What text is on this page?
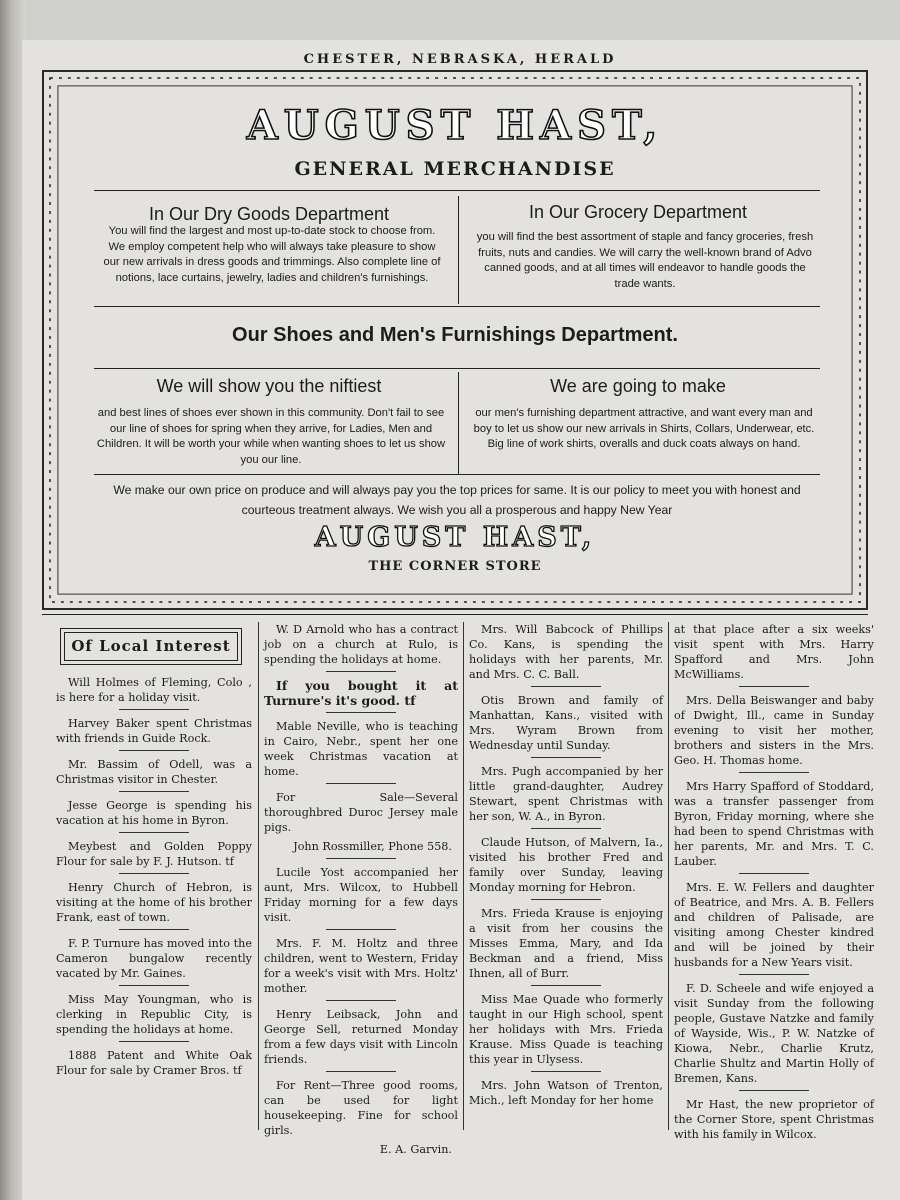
CHESTER, NEBRASKA, HERALD
AUGUST HAST,
GENERAL MERCHANDISE
In Our Dry Goods Department
You will find the largest and most up-to-date stock to choose from. We employ competent help who will always take pleasure to show our new arrivals in dress goods and trimmings. Also complete line of notions, lace curtains, jewelry, ladies and children's furnishings.
In Our Grocery Department
you will find the best assortment of staple and fancy groceries, fresh fruits, nuts and candies. We will carry the well-known brand of Advo canned goods, and at all times will endeavor to handle goods the trade wants.
Our Shoes and Men's Furnishings Department.
We will show you the niftiest
and best lines of shoes ever shown in this community. Don't fail to see our line of shoes for spring when they arrive, for Ladies, Men and Children. It will be worth your while when wanting shoes to let us show you our line.
We are going to make
our men's furnishing department attractive, and want every man and boy to let us show our new arrivals in Shirts, Collars, Underwear, etc. Big line of work shirts, overalls and duck coats always on hand.
We make our own price on produce and will always pay you the top prices for same. It is our policy to meet you with honest and courteous treatment always. We wish you all a prosperous and happy New Year
AUGUST HAST,
THE CORNER STORE
Of Local Interest

Will Holmes of Fleming, Colo , is here for a holiday visit.

Harvey Baker spent Christmas with friends in Guide Rock.

Mr. Bassim of Odell, was a Christmas visitor in Chester.

Jesse George is spending his vacation at his home in Byron.

Meybest and Golden Poppy Flour for sale by F. J. Hutson. tf

Henry Church of Hebron, is visiting at the home of his brother Frank, east of town.

F. P. Turnure has moved into the Cameron bungalow recently vacated by Mr. Gaines.

Miss May Youngman, who is clerking in Republic City, is spending the holidays at home.

1888 Patent and White Oak Flour for sale by Cramer Bros. tf

W. D Arnold who has a contract job on a church at Rulo, is spending the holidays at home.

If you bought it at Turnure's it's good. tf

Mable Neville, who is teaching in Cairo, Nebr., spent her one week Christmas vacation at home.

For Sale—Several thoroughbred Duroc Jersey male pigs.

John Rossmiller, Phone 558.

Lucile Yost accompanied her aunt, Mrs. Wilcox, to Hubbell Friday morning for a few days visit.

Mrs. F. M. Holtz and three children, went to Western, Friday for a week's visit with Mrs. Holtz' mother.

Henry Leibsack, John and George Sell, returned Monday from a few days visit with Lincoln friends.

For Rent—Three good rooms, can be used for light housekeeping. Fine for school girls.

E. A. Garvin.

Mrs. Will Babcock of Phillips Co. Kans, is spending the holidays with her parents, Mr. and Mrs. C. C. Ball.

Otis Brown and family of Manhattan, Kans., visited with Mrs. Wyram Brown from Wednesday until Sunday.

Mrs. Pugh accompanied by her little grand-daughter, Audrey Stewart, spent Christmas with her son, W. A., in Byron.

Claude Hutson, of Malvern, Ia., visited his brother Fred and family over Sunday, leaving Monday morning for Hebron.

Mrs. Frieda Krause is enjoying a visit from her cousins the Misses Emma, Mary, and Ida Beckman and a friend, Miss Ihnen, all of Burr.

Miss Mae Quade who formerly taught in our High school, spent her holidays with Mrs. Frieda Krause. Miss Quade is teaching this year in Ulysess.

Mrs. John Watson of Trenton, Mich., left Monday for her home

at that place after a six weeks' visit spent with Mrs. Harry Spafford and Mrs. John McWilliams.

Mrs. Della Beiswanger and baby of Dwight, Ill., came in Sunday evening to visit her mother, brothers and sisters in the Mrs. Geo. H. Thomas home.

Mrs Harry Spafford of Stoddard, was a transfer passenger from Byron, Friday morning, where she had been to spend Christmas with her parents, Mr. and Mrs. T. C. Lauber.

Mrs. E. W. Fellers and daughter of Beatrice, and Mrs. A. B. Fellers and children of Palisade, are visiting among Chester kindred and will be joined by their husbands for a New Years visit.

F. D. Scheele and wife enjoyed a visit Sunday from the following people, Gustave Natzke and family of Wayside, Wis., P. W. Natzke of Kiowa, Nebr., Charlie Krutz, Charlie Shultz and Martin Holly of Bremen, Kans.

Mr Hast, the new proprietor of the Corner Store, spent Christmas with his family in Wilcox.
